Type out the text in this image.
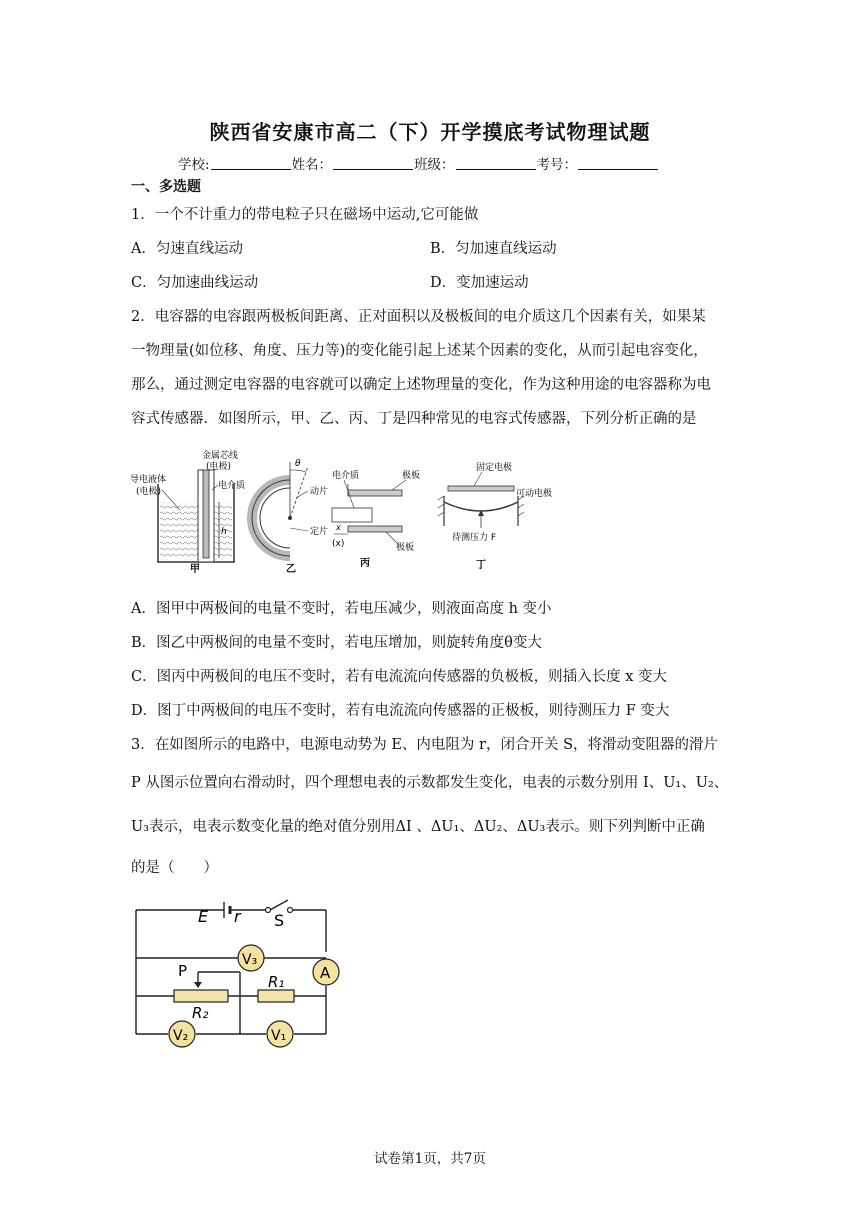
陕西省安康市高二（下）开学摸底考试物理试题
学校:	姓名：	班级：	考号：
一、多选题
1．一个不计重力的带电粒子只在磁场中运动,它可能做
A．匀速直线运动	B．匀加速直线运动
C．匀加速曲线运动	D．变加速运动
2．电容器的电容跟两极板间距离、正对面积以及极板间的电介质这几个因素有关，如果某
一物理量(如位移、角度、压力等)的变化能引起上述某个因素的变化，从而引起电容变化，
那么，通过测定电容器的电容就可以确定上述物理量的变化，作为这种用途的电容器称为电
容式传感器．如图所示，甲、乙、丙、丁是四种常见的电容式传感器，下列分析正确的是
h
导电液体
(电极)
金属芯线
(电极)
电介质
甲
θ
动片
定片
乙
电介质	极板
x
(x)	极板
丙
固定电极
可动电极
待测压力 F
丁
A．图甲中两极间的电量不变时，若电压减少，则液面高度 h 变小
B．图乙中两极间的电量不变时，若电压增加，则旋转角度θ变大
C．图丙中两极间的电压不变时，若有电流流向传感器的负极板，则插入长度 x 变大
D．图丁中两极间的电压不变时，若有电流流向传感器的正极板，则待测压力 F 变大
3．在如图所示的电路中，电源电动势为 E、内电阻为 r，闭合开关 S，将滑动变阻器的滑片
P 从图示位置向右滑动时，四个理想电表的示数都发生变化，电表的示数分别用 I、U₁、U₂、
U₃表示，电表示数变化量的绝对值分别用ΔI 、ΔU₁、ΔU₂、ΔU₃表示。则下列判断中正确
的是（　　）
E r S
V₃
A
P
R₂
R₁
V₂	V₁
试卷第1页，共7页
